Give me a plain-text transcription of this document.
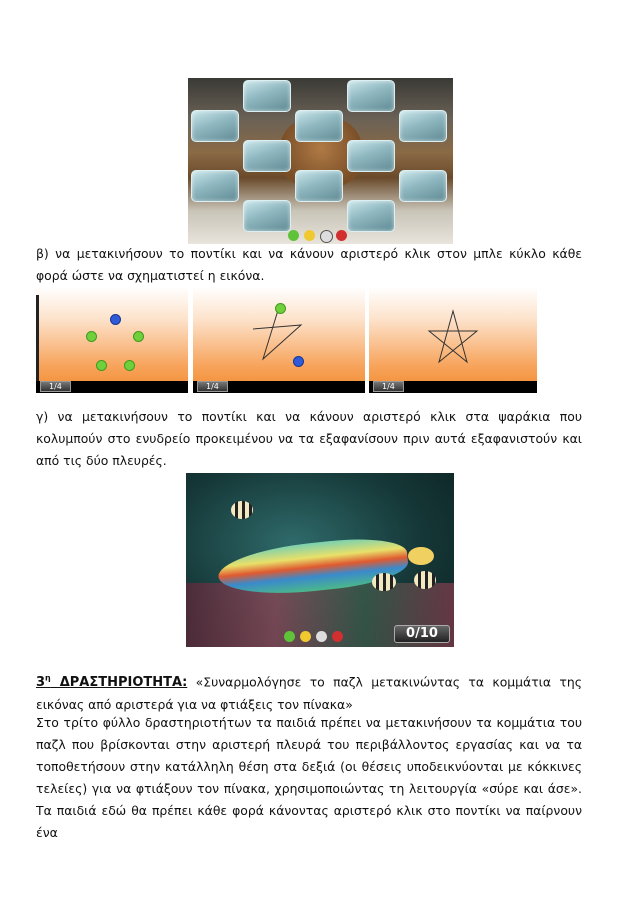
β) να μετακινήσουν το ποντίκι και να κάνουν αριστερό κλικ στον μπλε κύκλο κάθε φορά ώστε να σχηματιστεί η εικόνα.
1/4	1/4	1/4
γ) να μετακινήσουν το ποντίκι και να κάνουν αριστερό κλικ στα ψαράκια που κολυμπούν στο ενυδρείο προκειμένου να τα εξαφανίσουν πριν αυτά εξαφανιστούν και από τις δύο πλευρές.
0/10
$3^\eta$ ΔΡΑΣΤΗΡΙΟΤΗΤΑ: «Συναρμολόγησε το παζλ μετακινώντας τα κομμάτια της εικόνας από αριστερά για να φτιάξεις τον πίνακα»
Στο τρίτο φύλλο δραστηριοτήτων τα παιδιά πρέπει να μετακινήσουν τα κομμάτια του παζλ που βρίσκονται στην αριστερή πλευρά του περιβάλλοντος εργασίας και να τα τοποθετήσουν στην κατάλληλη θέση στα δεξιά (οι θέσεις υποδεικνύονται με κόκκινες τελείες) για να φτιάξουν τον πίνακα, χρησιμοποιώντας τη λειτουργία «σύρε και άσε». Τα παιδιά εδώ θα πρέπει κάθε φορά κάνοντας αριστερό κλικ στο ποντίκι να παίρνουν ένα
